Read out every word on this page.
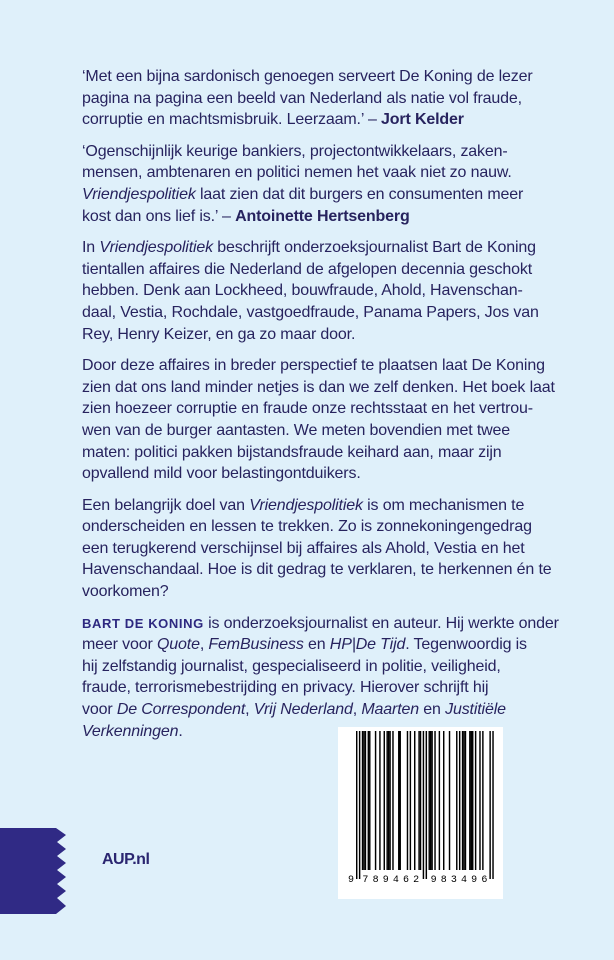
‘Met een bijna sardonisch genoegen serveert De Koning de lezer
pagina na pagina een beeld van Nederland als natie vol fraude,
corruptie en machtsmisbruik. Leerzaam.’ – Jort Kelder
‘Ogenschijnlijk keurige bankiers, projectontwikkelaars, zaken-
mensen, ambtenaren en politici nemen het vaak niet zo nauw.
Vriendjespolitiek laat zien dat dit burgers en consumenten meer
kost dan ons lief is.’ – Antoinette Hertsenberg
In Vriendjespolitiek beschrijft onderzoeksjournalist Bart de Koning
tientallen affaires die Nederland de afgelopen decennia geschokt
hebben. Denk aan Lockheed, bouwfraude, Ahold, Havenschan-
daal, Vestia, Rochdale, vastgoedfraude, Panama Papers, Jos van
Rey, Henry Keizer, en ga zo maar door.
Door deze affaires in breder perspectief te plaatsen laat De Koning
zien dat ons land minder netjes is dan we zelf denken. Het boek laat
zien hoezeer corruptie en fraude onze rechtsstaat en het vertrou-
wen van de burger aantasten. We meten bovendien met twee
maten: politici pakken bijstandsfraude keihard aan, maar zijn
opvallend mild voor belastingontduikers.
Een belangrijk doel van Vriendjespolitiek is om mechanismen te
onderscheiden en lessen te trekken. Zo is zonnekoningengedrag
een terugkerend verschijnsel bij affaires als Ahold, Vestia en het
Havenschandaal. Hoe is dit gedrag te verklaren, te herkennen én te
voorkomen?
BART DE KONING is onderzoeksjournalist en auteur. Hij werkte onder
meer voor Quote, FemBusiness en HP|De Tijd. Tegenwoordig is
hij zelfstandig journalist, gespecialiseerd in politie, veiligheid,
fraude, terrorismebestrijding en privacy. Hierover schrijft hij
voor De Correspondent, Vrij Nederland, Maarten en Justitiële
Verkenningen.
AUP.nl
9 7 8 9 4 6 2 9 8 3 4 9 6
